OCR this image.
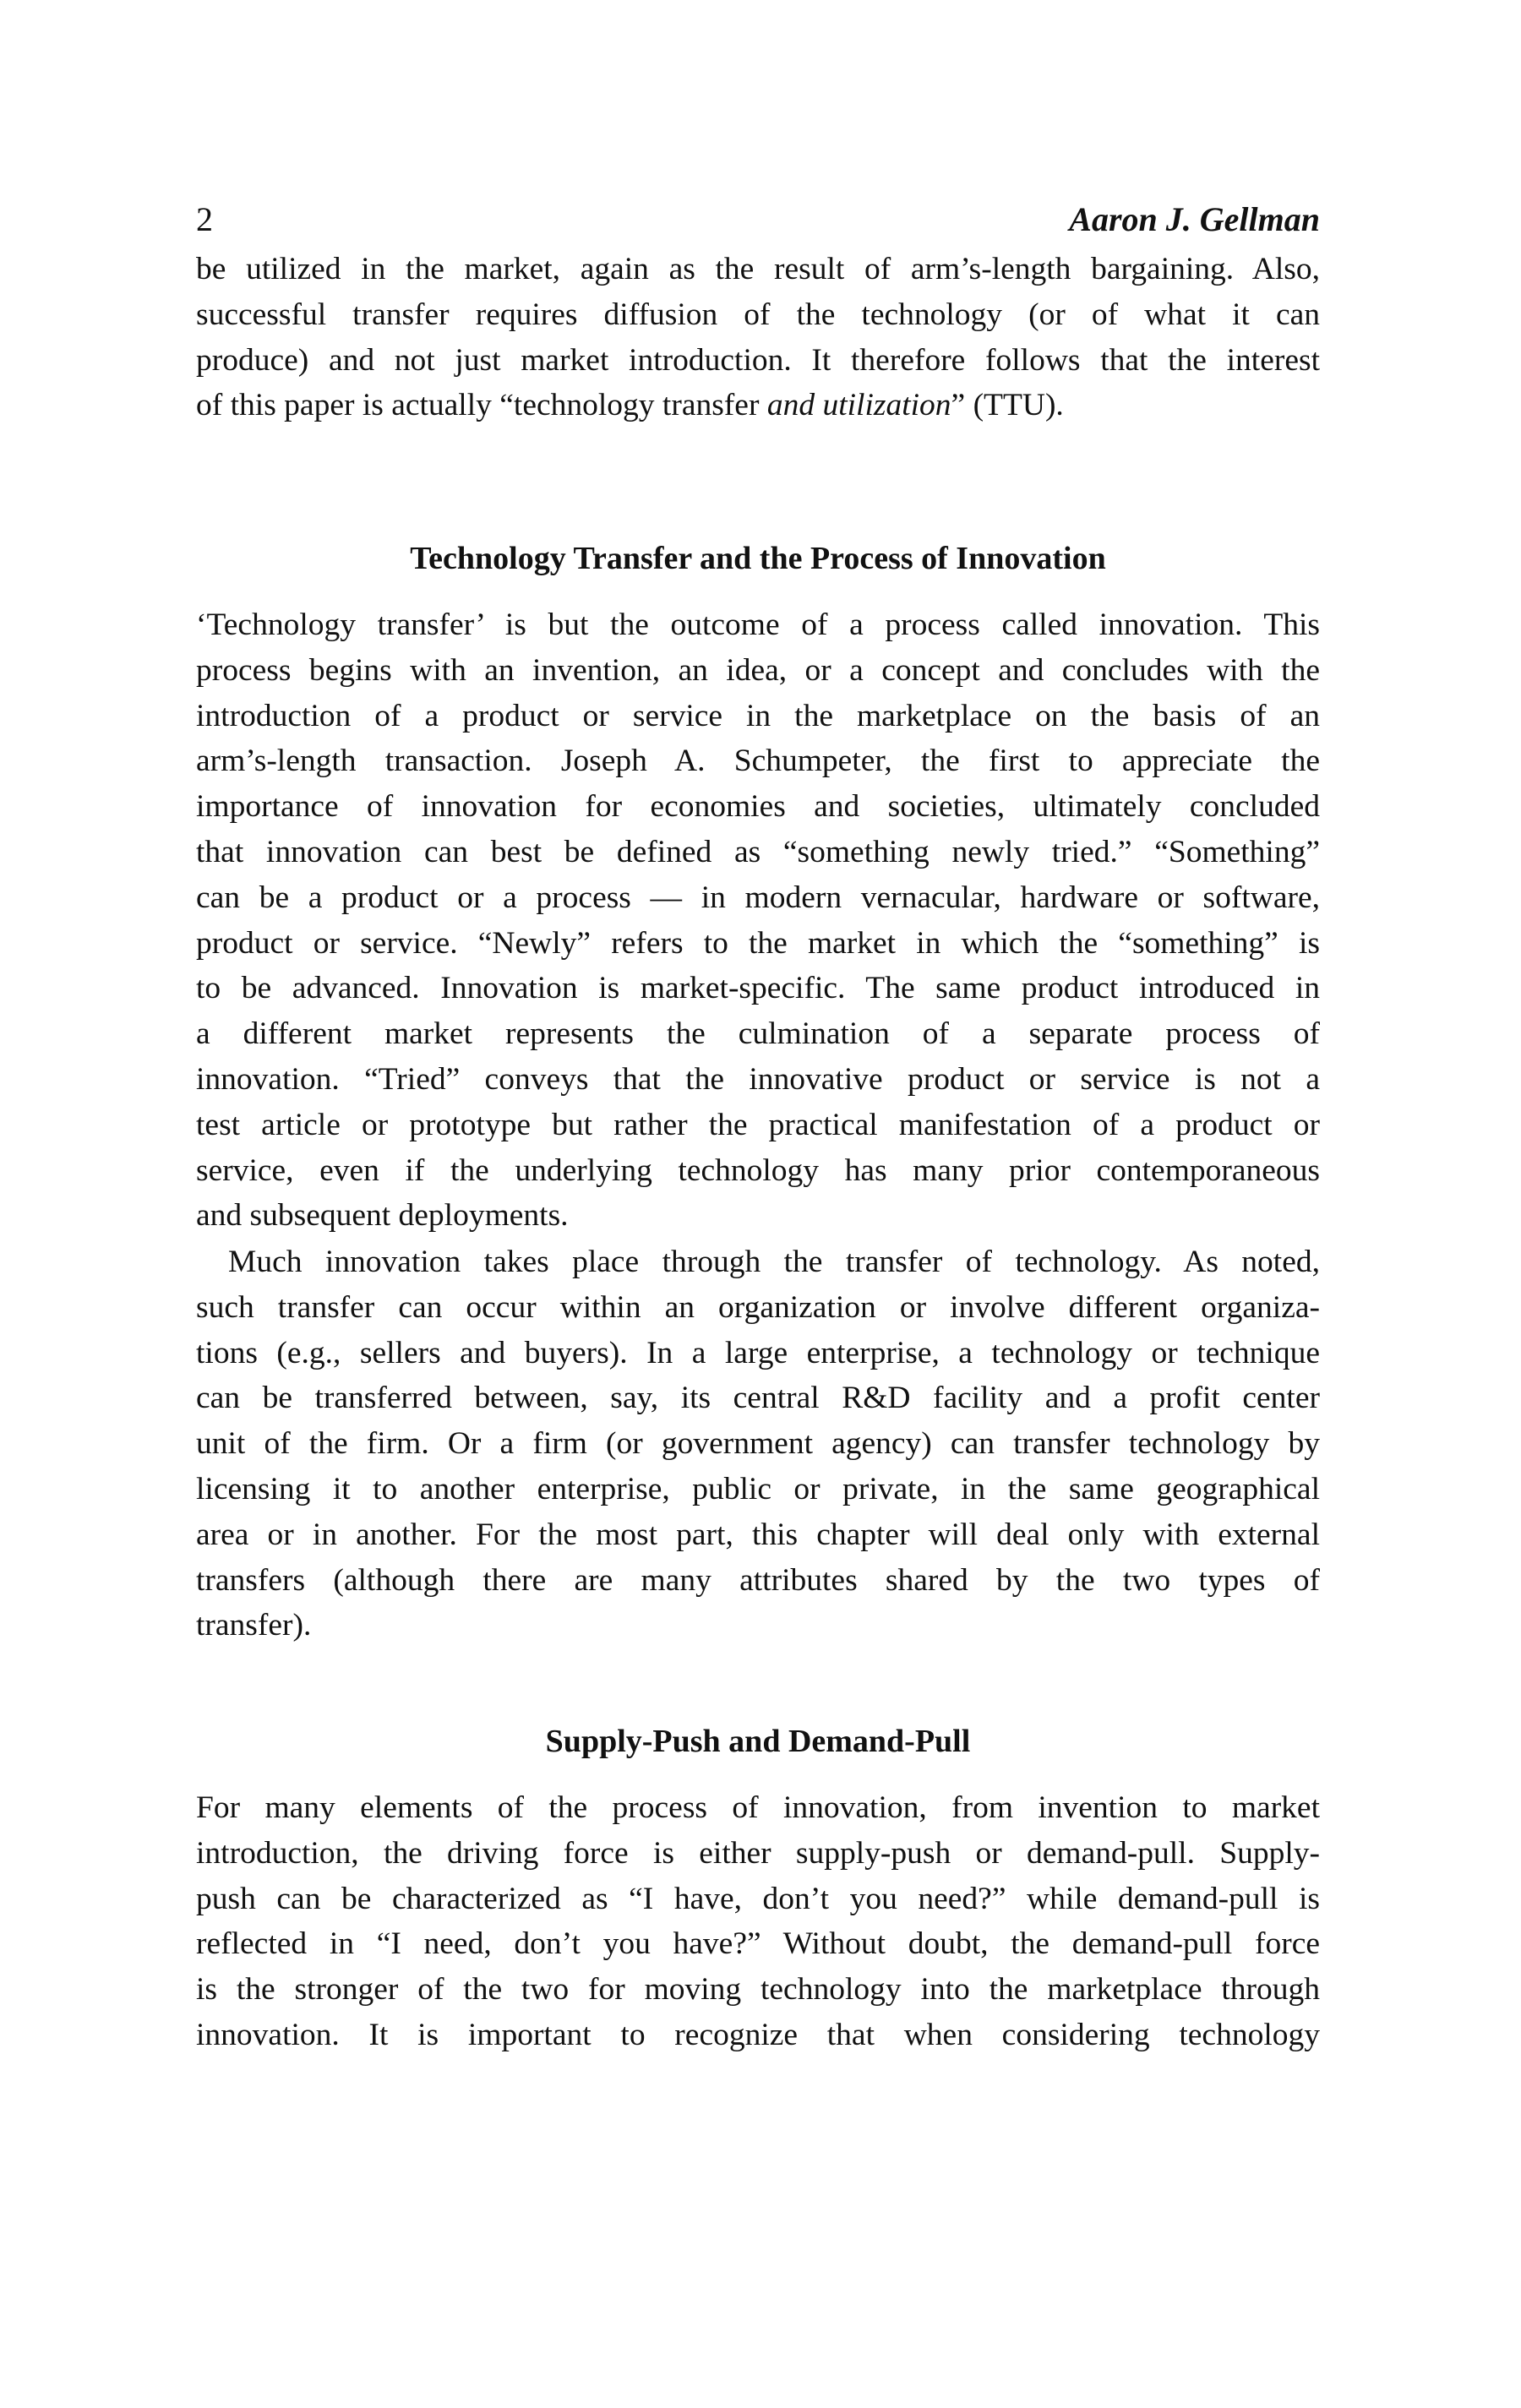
2	Aaron J. Gellman
be utilized in the market, again as the result of arm’s-length bargaining. Also,
successful transfer requires diffusion of the technology (or of what it can
produce) and not just market introduction. It therefore follows that the interest
of this paper is actually “technology transfer and utilization” (TTU).
Technology Transfer and the Process of Innovation
‘Technology transfer’ is but the outcome of a process called innovation. This
process begins with an invention, an idea, or a concept and concludes with the
introduction of a product or service in the marketplace on the basis of an
arm’s-length transaction. Joseph A. Schumpeter, the first to appreciate the
importance of innovation for economies and societies, ultimately concluded
that innovation can best be defined as “something newly tried.” “Something”
can be a product or a process — in modern vernacular, hardware or software,
product or service. “Newly” refers to the market in which the “something” is
to be advanced. Innovation is market-specific. The same product introduced in
a different market represents the culmination of a separate process of
innovation. “Tried” conveys that the innovative product or service is not a
test article or prototype but rather the practical manifestation of a product or
service, even if the underlying technology has many prior contemporaneous
and subsequent deployments.
Much innovation takes place through the transfer of technology. As noted,
such transfer can occur within an organization or involve different organiza-
tions (e.g., sellers and buyers). In a large enterprise, a technology or technique
can be transferred between, say, its central R&D facility and a profit center
unit of the firm. Or a firm (or government agency) can transfer technology by
licensing it to another enterprise, public or private, in the same geographical
area or in another. For the most part, this chapter will deal only with external
transfers (although there are many attributes shared by the two types of
transfer).
Supply-Push and Demand-Pull
For many elements of the process of innovation, from invention to market
introduction, the driving force is either supply-push or demand-pull. Supply-
push can be characterized as “I have, don’t you need?” while demand-pull is
reflected in “I need, don’t you have?” Without doubt, the demand-pull force
is the stronger of the two for moving technology into the marketplace through
innovation. It is important to recognize that when considering technology
